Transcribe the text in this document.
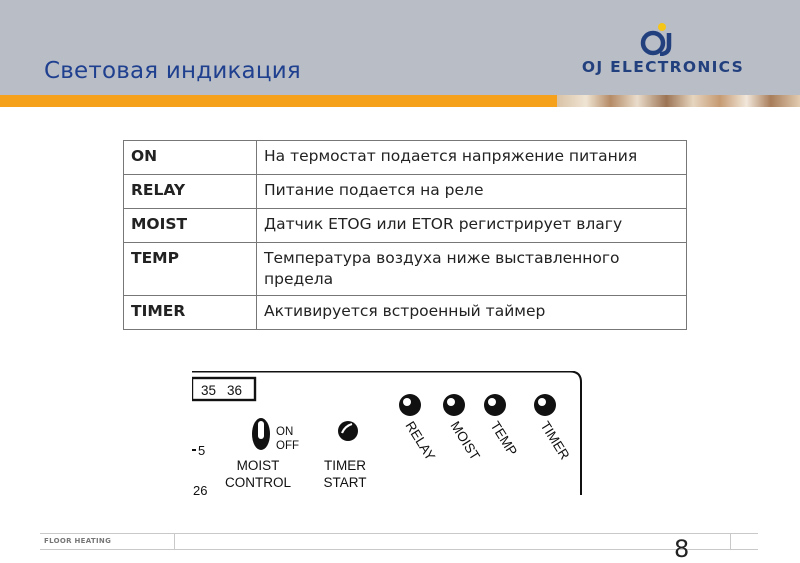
Световая индикация	OJ ELECTRONICS
ON	На термостат подается напряжение питания
RELAY	Питание подается на реле
MOIST	Датчик ETOG или ETOR регистрирует влагу
TEMP	Температура воздуха ниже выставленного предела
TIMER	Активируется встроенный таймер
35 36
5
26
ON
OFF
MOIST
CONTROL
TIMER
START
RELAY MOIST TEMP TIMER
FLOOR HEATING	8
